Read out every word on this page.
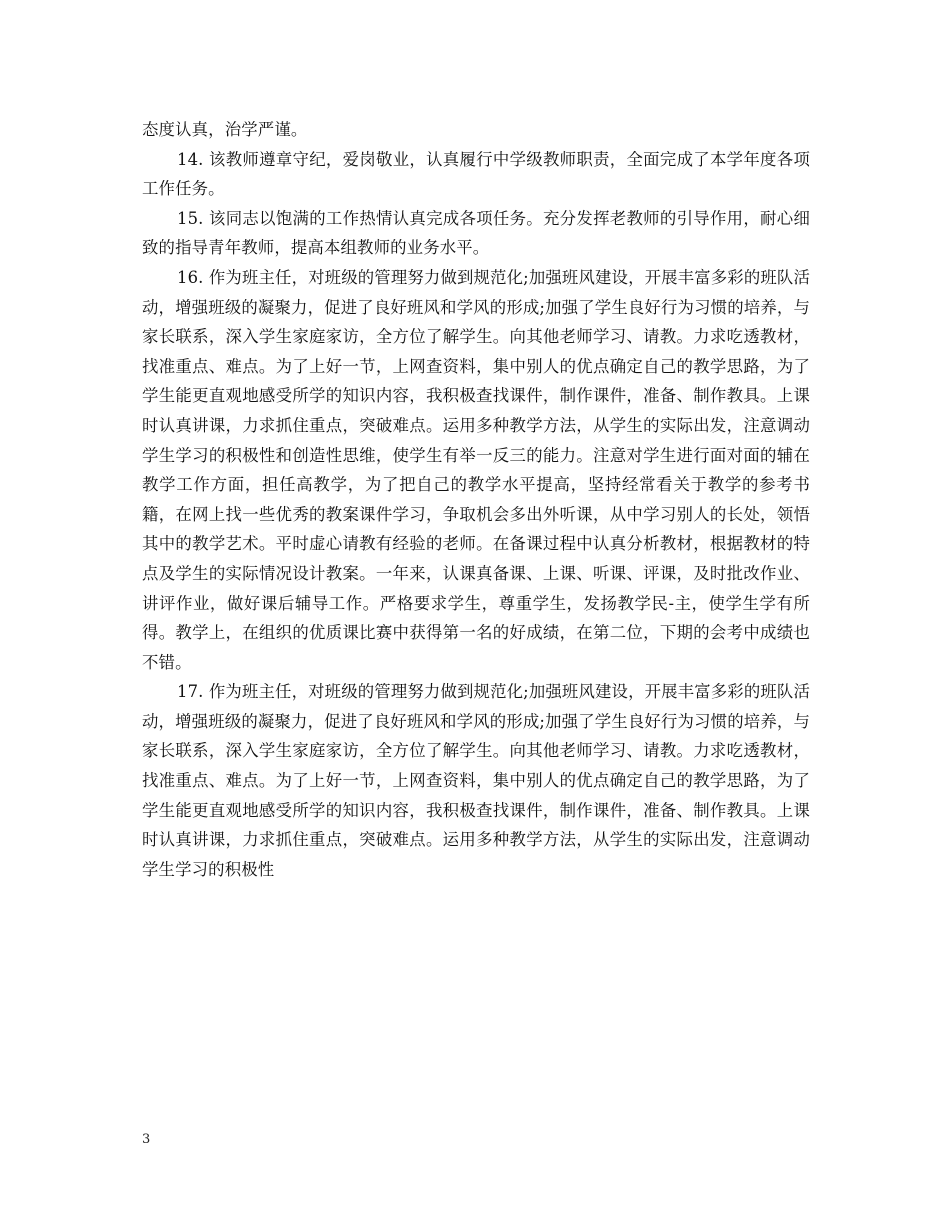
态度认真，治学严谨。

14. 该教师遵章守纪，爱岗敬业，认真履行中学级教师职责，全面完成了本学年度各项工作任务。

15. 该同志以饱满的工作热情认真完成各项任务。充分发挥老教师的引导作用，耐心细致的指导青年教师，提高本组教师的业务水平。

16. 作为班主任，对班级的管理努力做到规范化;加强班风建设，开展丰富多彩的班队活动，增强班级的凝聚力，促进了良好班风和学风的形成;加强了学生良好行为习惯的培养，与家长联系，深入学生家庭家访，全方位了解学生。向其他老师学习、请教。力求吃透教材，找准重点、难点。为了上好一节，上网查资料，集中别人的优点确定自己的教学思路，为了学生能更直观地感受所学的知识内容，我积极查找课件，制作课件，准备、制作教具。上课时认真讲课，力求抓住重点，突破难点。运用多种教学方法，从学生的实际出发，注意调动学生学习的积极性和创造性思维，使学生有举一反三的能力。注意对学生进行面对面的辅在教学工作方面，担任高教学，为了把自己的教学水平提高，坚持经常看关于教学的参考书籍，在网上找一些优秀的教案课件学习，争取机会多出外听课，从中学习别人的长处，领悟其中的教学艺术。平时虚心请教有经验的老师。在备课过程中认真分析教材，根据教材的特点及学生的实际情况设计教案。一年来，认课真备课、上课、听课、评课，及时批改作业、讲评作业，做好课后辅导工作。严格要求学生，尊重学生，发扬教学民-主，使学生学有所得。教学上，在组织的优质课比赛中获得第一名的好成绩，在第二位，下期的会考中成绩也不错。

17. 作为班主任，对班级的管理努力做到规范化;加强班风建设，开展丰富多彩的班队活动，增强班级的凝聚力，促进了良好班风和学风的形成;加强了学生良好行为习惯的培养，与家长联系，深入学生家庭家访，全方位了解学生。向其他老师学习、请教。力求吃透教材，找准重点、难点。为了上好一节，上网查资料，集中别人的优点确定自己的教学思路，为了学生能更直观地感受所学的知识内容，我积极查找课件，制作课件，准备、制作教具。上课时认真讲课，力求抓住重点，突破难点。运用多种教学方法，从学生的实际出发，注意调动学生学习的积极性

3
